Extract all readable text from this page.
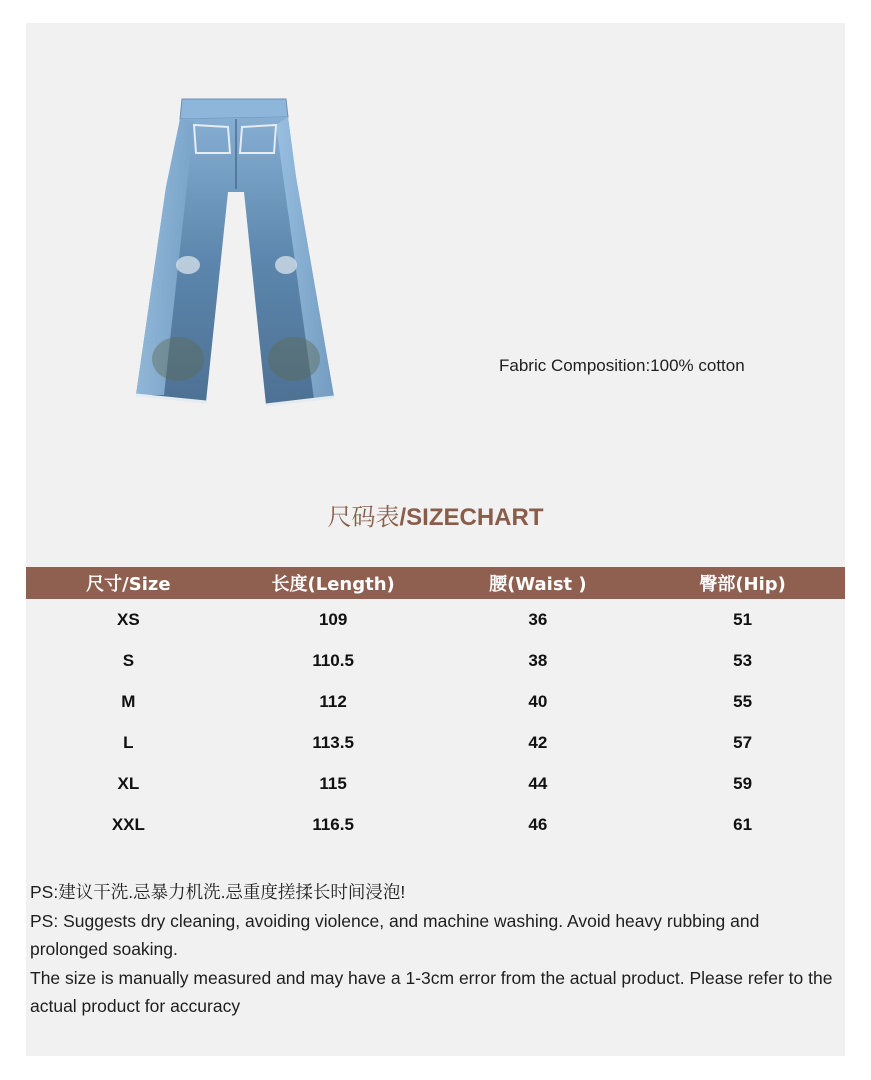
Fabric Composition:100% cotton
尺码表/SIZECHART
尺寸/Size	长度(Length)	腰(Waist )	臀部(Hip)
XS	109	36	51
S	110.5	38	53
M	112	40	55
L	113.5	42	57
XL	115	44	59
XXL	116.5	46	61

PS:建议干洗.忌暴力机洗.忌重度搓揉长时间浸泡!

PS: Suggests dry cleaning, avoiding violence, and machine washing. Avoid heavy rubbing and prolonged soaking.

The size is manually measured and may have a 1-3cm error from the actual product. Please refer to the actual product for accuracy
